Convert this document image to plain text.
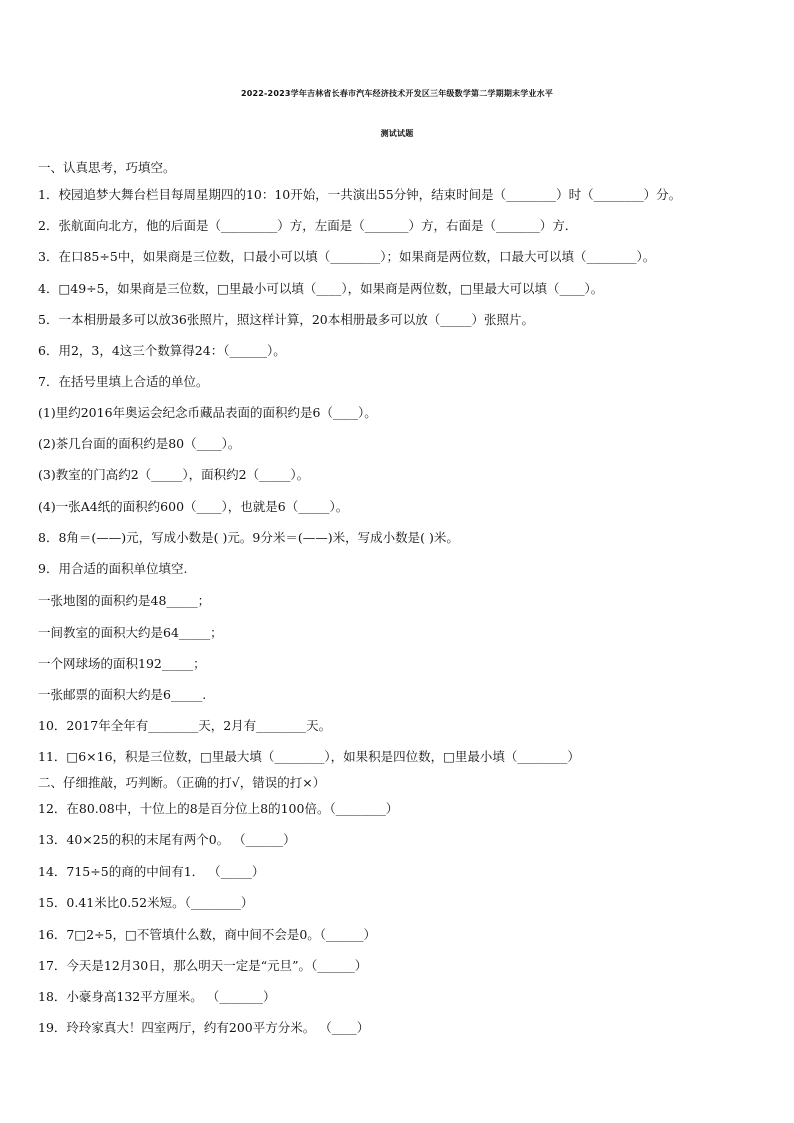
2022-2023学年吉林省长春市汽车经济技术开发区三年级数学第二学期期末学业水平
测试试题
一、认真思考，巧填空。
1．校园追梦大舞台栏目每周星期四的10：10开始，一共演出55分钟，结束时间是（________）时（________）分。
2．张航面向北方，他的后面是（_________）方，左面是（_______）方，右面是（_______）方．
3．在口85÷5中，如果商是三位数，口最小可以填（________）；如果商是两位数，口最大可以填（________）。
4．□49÷5，如果商是三位数，□里最小可以填（____），如果商是两位数，□里最大可以填（____）。
5．一本相册最多可以放36张照片，照这样计算，20本相册最多可以放（_____）张照片。
6．用2，3，4这三个数算得24：（______）。
7．在括号里填上合适的单位。
(1)里约2016年奥运会纪念币藏品表面的面积约是6（____）。
(2)茶几台面的面积约是80（____）。
(3)教室的门高约2（_____），面积约2（_____）。
(4)一张A4纸的面积约600（____），也就是6（_____）。
8．8角＝(——)元，写成小数是( )元。9分米＝(——)米，写成小数是( )米。
9．用合适的面积单位填空.
一张地图的面积约是48_____；
一间教室的面积大约是64_____；
一个网球场的面积192_____；
一张邮票的面积大约是6_____.
10．2017年全年有________天，2月有________天。
11．□6×16，积是三位数，□里最大填（________），如果积是四位数，□里最小填（________）
二、仔细推敲，巧判断。（正确的打√，错误的打×）
12．在80.08中，十位上的8是百分位上8的100倍。（________）
13．40×25的积的末尾有两个0。 （______）
14．715÷5的商的中间有1． （_____）
15．0.41米比0.52米短。（________）
16．7□2÷5，□不管填什么数，商中间不会是0。（______）
17．今天是12月30日，那么明天一定是“元旦”。（______）
18．小豪身高132平方厘米。 （_______）
19．玲玲家真大！四室两厅，约有200平方分米。 （____）
